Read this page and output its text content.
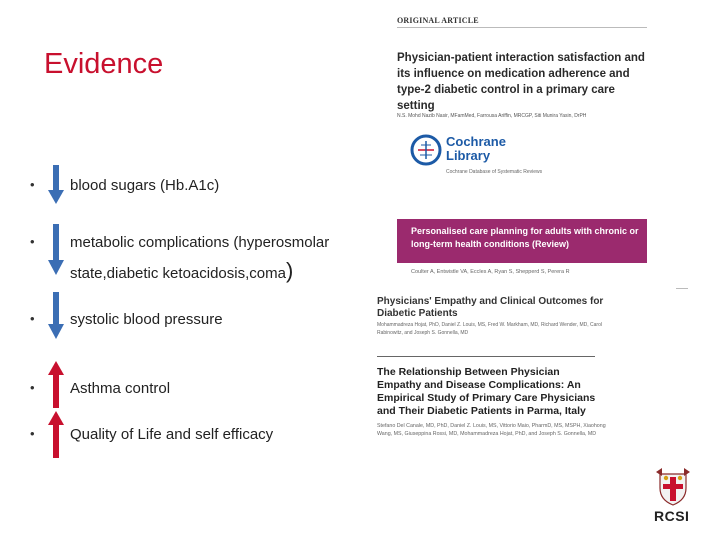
Evidence
• blood sugars (Hb.A1c)
• metabolic complications (hyperosmolar
state,diabetic ketoacidosis,coma)
• systolic blood pressure
• Asthma control
• Quality of Life and self efficacy
ORIGINAL ARTICLE
Physician-patient interaction satisfaction and its influence on medication adherence and type-2 diabetic control in a primary care setting
N.S. Mohd Nazib Nasir, MFamMed, Farrousa Ariffin, MRCGP, Siti Munira Yasin, DrPH
Cochrane
Library
Cochrane Database of Systematic Reviews
Personalised care planning for adults with chronic or long-term health conditions (Review)
Coulter A, Entwistle VA, Eccles A, Ryan S, Shepperd S, Perera R
Physicians' Empathy and Clinical Outcomes for Diabetic Patients
Mohammadreza Hojat, PhD, Daniel Z. Louis, MS, Fred W. Markham, MD, Richard Wender, MD, Carol Rabinowitz, and Joseph S. Gonnella, MD
The Relationship Between Physician Empathy and Disease Complications: An Empirical Study of Primary Care Physicians and Their Diabetic Patients in Parma, Italy
Stefano Del Canale, MD, PhD, Daniel Z. Louis, MS, Vittorio Maio, PharmD, MS, MSPH, Xiaohong Wang, MS, Giuseppina Rossi, MD, Mohammadreza Hojat, PhD, and Joseph S. Gonnella, MD
RCSI
